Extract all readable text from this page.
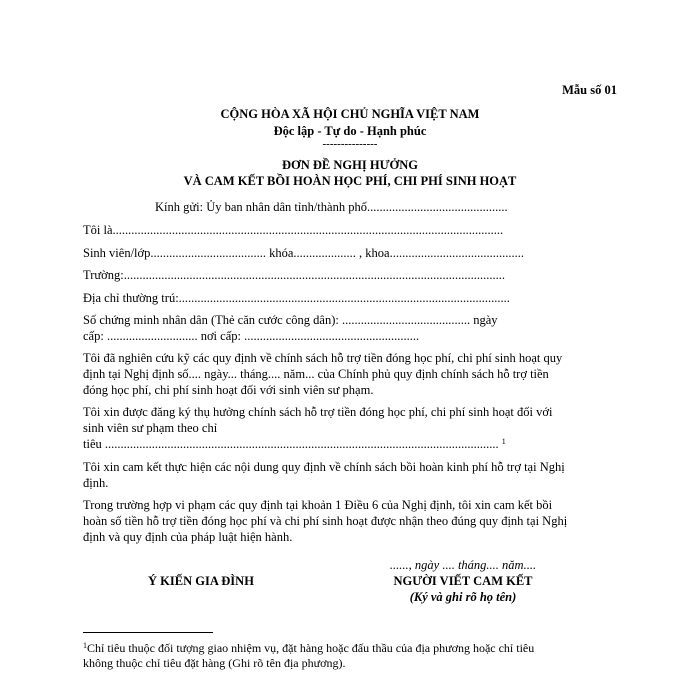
Mẫu số 01
CỘNG HÒA XÃ HỘI CHỦ NGHĨA VIỆT NAM
Độc lập - Tự do - Hạnh phúc
---------------
ĐƠN ĐỀ NGHỊ HƯỞNG
VÀ CAM KẾT BỒI HOÀN HỌC PHÍ, CHI PHÍ SINH HOẠT
Kính gửi: Ủy ban nhân dân tỉnh/thành phố.............................................
Tôi là.............................................................................................................................
Sinh viên/lớp..................................... khóa.................... , khoa...........................................
Trường:..........................................................................................................................
Địa chỉ thường trú:..........................................................................................................
Số chứng minh nhân dân (Thẻ căn cước công dân): ......................................... ngày
cấp: ............................. nơi cấp: ........................................................
Tôi đã nghiên cứu kỹ các quy định về chính sách hỗ trợ tiền đóng học phí, chi phí sinh hoạt quy
định tại Nghị định số.... ngày... tháng.... năm... của Chính phủ quy định chính sách hỗ trợ tiền
đóng học phí, chi phí sinh hoạt đối với sinh viên sư phạm.
Tôi xin được đăng ký thụ hưởng chính sách hỗ trợ tiền đóng học phí, chi phí sinh hoạt đối với
sinh viên sư phạm theo chỉ
tiêu .............................................................................................................................. $^1$
Tôi xin cam kết thực hiện các nội dung quy định về chính sách bồi hoàn kinh phí hỗ trợ tại Nghị
định.
Trong trường hợp vi phạm các quy định tại khoản 1 Điều 6 của Nghị định, tôi xin cam kết bồi
hoàn số tiền hỗ trợ tiền đóng học phí và chi phí sinh hoạt được nhận theo đúng quy định tại Nghị
định và quy định của pháp luật hiện hành.
......, ngày .... tháng.... năm....
Ý KIẾN GIA ĐÌNH	NGƯỜI VIẾT CAM KẾT
(Ký và ghi rõ họ tên)
$^1$Chỉ tiêu thuộc đối tượng giao nhiệm vụ, đặt hàng hoặc đấu thầu của địa phương hoặc chỉ tiêu
không thuộc chỉ tiêu đặt hàng (Ghi rõ tên địa phương).
